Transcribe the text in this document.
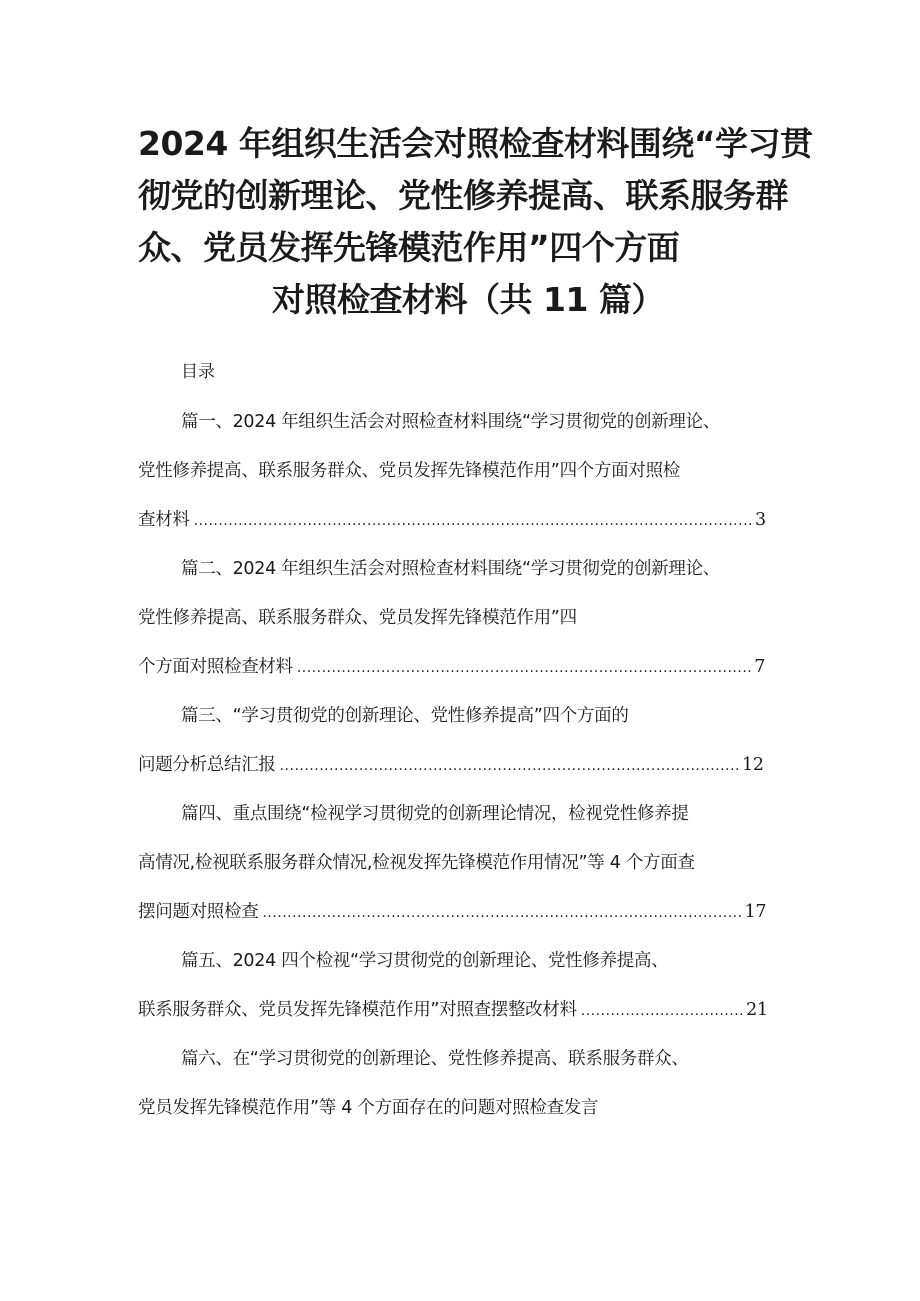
2024 年组织生活会对照检查材料围绕“学习贯
彻党的创新理论、党性修养提高、联系服务群
众、党员发挥先锋模范作用”四个方面
对照检查材料（共 11 篇）
目录
篇一、2024 年组织生活会对照检查材料围绕“学习贯彻党的创新理论、
党性修养提高、联系服务群众、党员发挥先锋模范作用”四个方面对照检
查材料 ................................................................................................................. 3
篇二、2024 年组织生活会对照检查材料围绕“学习贯彻党的创新理论、
党性修养提高、联系服务群众、党员发挥先锋模范作用”四
个方面对照检查材料 ............................................................................................ 7
篇三、“学习贯彻党的创新理论、党性修养提高”四个方面的
问题分析总结汇报 ............................................................................................. 12
篇四、重点围绕“检视学习贯彻党的创新理论情况，检视党性修养提
高情况,检视联系服务群众情况,检视发挥先锋模范作用情况”等 4 个方面查
摆问题对照检查 ................................................................................................. 17
篇五、2024 四个检视“学习贯彻党的创新理论、党性修养提高、
联系服务群众、党员发挥先锋模范作用”对照查摆整改材料 ................................. 21
篇六、在“学习贯彻党的创新理论、党性修养提高、联系服务群众、
党员发挥先锋模范作用”等 4 个方面存在的问题对照检查发言
